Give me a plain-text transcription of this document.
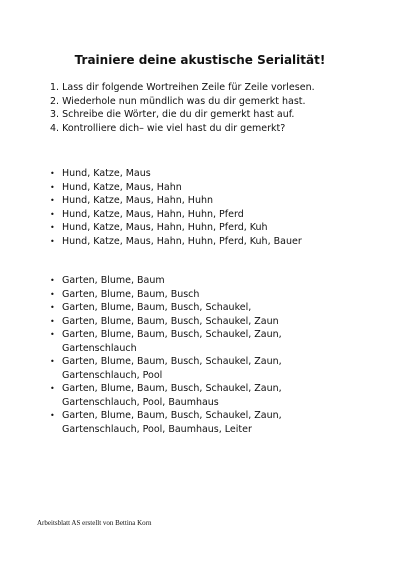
Trainiere deine akustische Serialität!
1. Lass dir folgende Wortreihen Zeile für Zeile vorlesen.
2. Wiederhole nun mündlich was du dir gemerkt hast.
3. Schreibe die Wörter, die du dir gemerkt hast auf.
4. Kontrolliere dich– wie viel hast du dir gemerkt?
• Hund, Katze, Maus
• Hund, Katze, Maus, Hahn
• Hund, Katze, Maus, Hahn, Huhn
• Hund, Katze, Maus, Hahn, Huhn, Pferd
• Hund, Katze, Maus, Hahn, Huhn, Pferd, Kuh
• Hund, Katze, Maus, Hahn, Huhn, Pferd, Kuh, Bauer
• Garten, Blume, Baum
• Garten, Blume, Baum, Busch
• Garten, Blume, Baum, Busch, Schaukel,
• Garten, Blume, Baum, Busch, Schaukel, Zaun
• Garten, Blume, Baum, Busch, Schaukel, Zaun,
Gartenschlauch
• Garten, Blume, Baum, Busch, Schaukel, Zaun,
Gartenschlauch, Pool
• Garten, Blume, Baum, Busch, Schaukel, Zaun,
Gartenschlauch, Pool, Baumhaus
• Garten, Blume, Baum, Busch, Schaukel, Zaun,
Gartenschlauch, Pool, Baumhaus, Leiter

Arbeitsblatt AS erstellt von Bettina Korn
